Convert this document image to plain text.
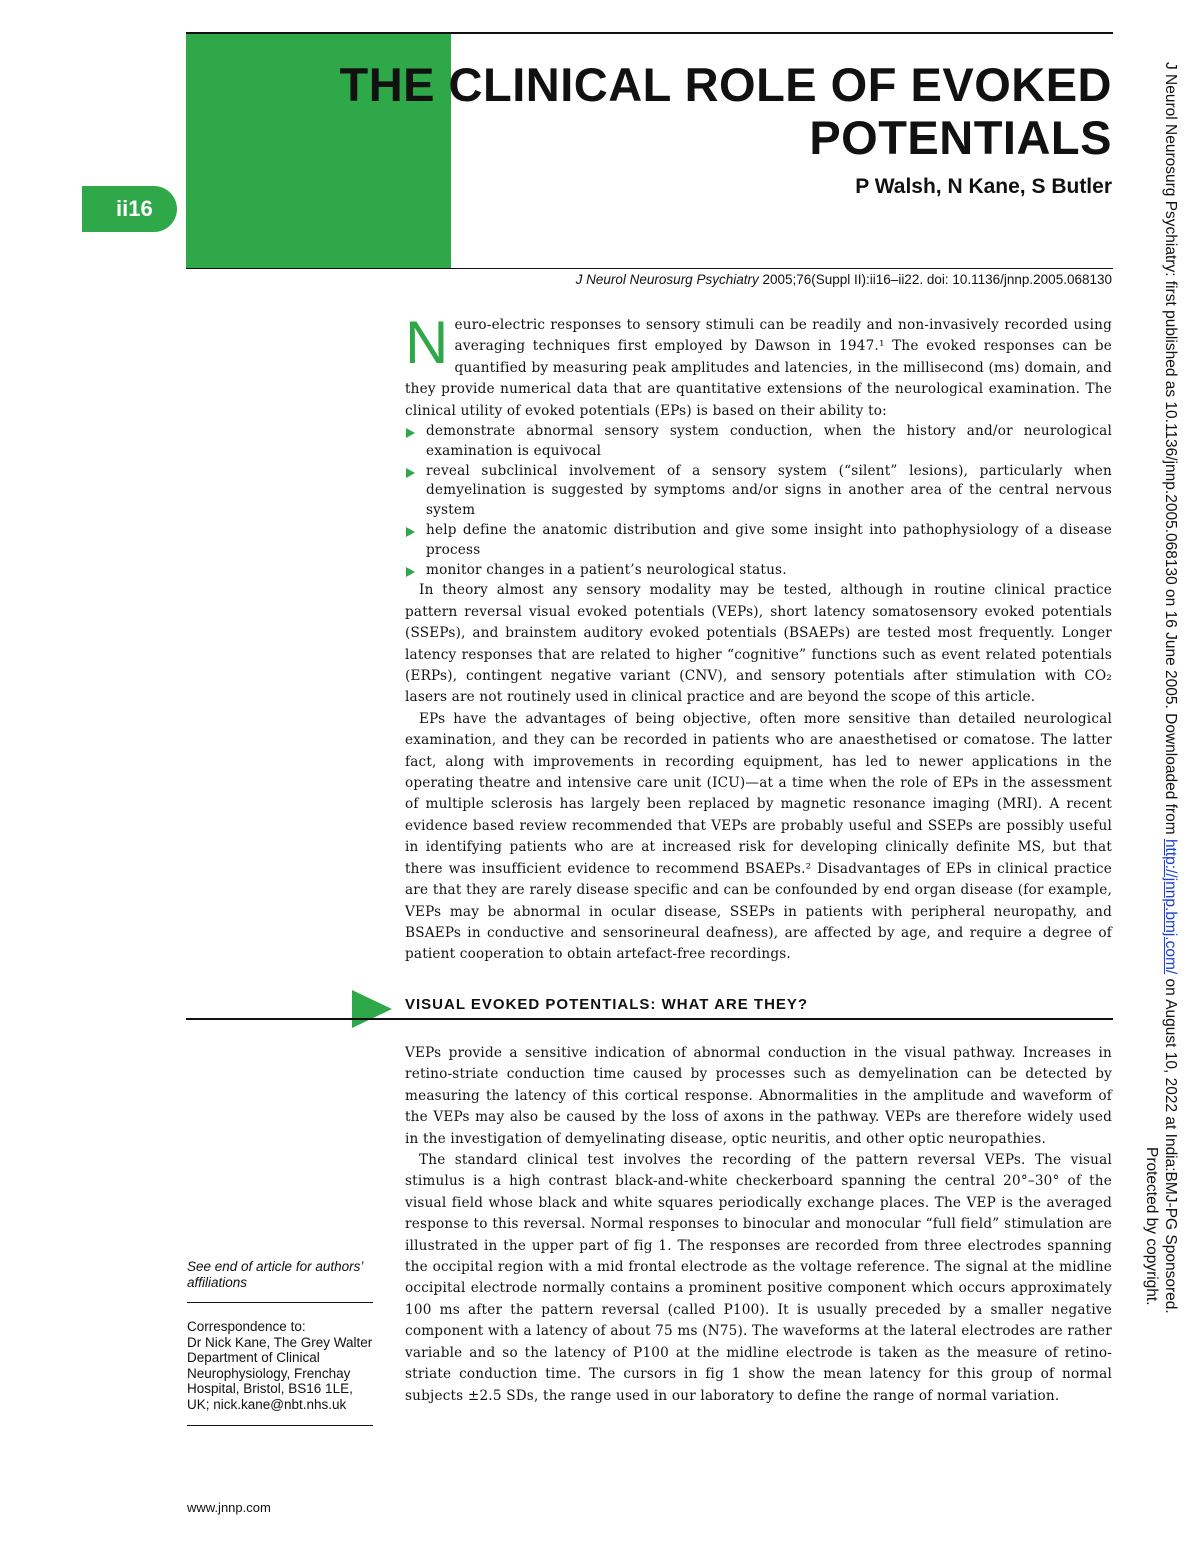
ii16
THE CLINICAL ROLE OF EVOKED
POTENTIALS
P Walsh, N Kane, S Butler
J Neurol Neurosurg Psychiatry 2005;76(Suppl II):ii16–ii22. doi: 10.1136/jnnp.2005.068130

Neuro-electric responses to sensory stimuli can be readily and non-invasively recorded using averaging techniques first employed by Dawson in 1947.¹ The evoked responses can be quantified by measuring peak amplitudes and latencies, in the millisecond (ms) domain, and they provide numerical data that are quantitative extensions of the neurological examination. The clinical utility of evoked potentials (EPs) is based on their ability to:

demonstrate abnormal sensory system conduction, when the history and/or neurological examination is equivocal
reveal subclinical involvement of a sensory system (“silent” lesions), particularly when demyelination is suggested by symptoms and/or signs in another area of the central nervous system
help define the anatomic distribution and give some insight into pathophysiology of a disease process
monitor changes in a patient’s neurological status.

In theory almost any sensory modality may be tested, although in routine clinical practice pattern reversal visual evoked potentials (VEPs), short latency somatosensory evoked potentials (SSEPs), and brainstem auditory evoked potentials (BSAEPs) are tested most frequently. Longer latency responses that are related to higher “cognitive” functions such as event related potentials (ERPs), contingent negative variant (CNV), and sensory potentials after stimulation with CO₂ lasers are not routinely used in clinical practice and are beyond the scope of this article.

EPs have the advantages of being objective, often more sensitive than detailed neurological examination, and they can be recorded in patients who are anaesthetised or comatose. The latter fact, along with improvements in recording equipment, has led to newer applications in the operating theatre and intensive care unit (ICU)—at a time when the role of EPs in the assessment of multiple sclerosis has largely been replaced by magnetic resonance imaging (MRI). A recent evidence based review recommended that VEPs are probably useful and SSEPs are possibly useful in identifying patients who are at increased risk for developing clinically definite MS, but that there was insufficient evidence to recommend BSAEPs.² Disadvantages of EPs in clinical practice are that they are rarely disease specific and can be confounded by end organ disease (for example, VEPs may be abnormal in ocular disease, SSEPs in patients with peripheral neuropathy, and BSAEPs in conductive and sensorineural deafness), are affected by age, and require a degree of patient cooperation to obtain artefact-free recordings.

VISUAL EVOKED POTENTIALS: WHAT ARE THEY?

VEPs provide a sensitive indication of abnormal conduction in the visual pathway. Increases in retino-striate conduction time caused by processes such as demyelination can be detected by measuring the latency of this cortical response. Abnormalities in the amplitude and waveform of the VEPs may also be caused by the loss of axons in the pathway. VEPs are therefore widely used in the investigation of demyelinating disease, optic neuritis, and other optic neuropathies.

The standard clinical test involves the recording of the pattern reversal VEPs. The visual stimulus is a high contrast black-and-white checkerboard spanning the central 20°–30° of the visual field whose black and white squares periodically exchange places. The VEP is the averaged response to this reversal. Normal responses to binocular and monocular “full field” stimulation are illustrated in the upper part of fig 1. The responses are recorded from three electrodes spanning the occipital region with a mid frontal electrode as the voltage reference. The signal at the midline occipital electrode normally contains a prominent positive component which occurs approximately 100 ms after the pattern reversal (called P100). It is usually preceded by a smaller negative component with a latency of about 75 ms (N75). The waveforms at the lateral electrodes are rather variable and so the latency of P100 at the midline electrode is taken as the measure of retino-striate conduction time. The cursors in fig 1 show the mean latency for this group of normal subjects ±2.5 SDs, the range used in our laboratory to define the range of normal variation.

See end of article for authors’ affiliations
Correspondence to:
Dr Nick Kane, The Grey Walter Department of Clinical Neurophysiology, Frenchay Hospital, Bristol, BS16 1LE, UK; nick.kane@nbt.nhs.uk
www.jnnp.com
J Neurol Neurosurg Psychiatry: first published as 10.1136/jnnp.2005.068130 on 16 June 2005. Downloaded from http://jnnp.bmj.com/ on August 10, 2022 at India:BMJ-PG Sponsored.
Protected by copyright.
